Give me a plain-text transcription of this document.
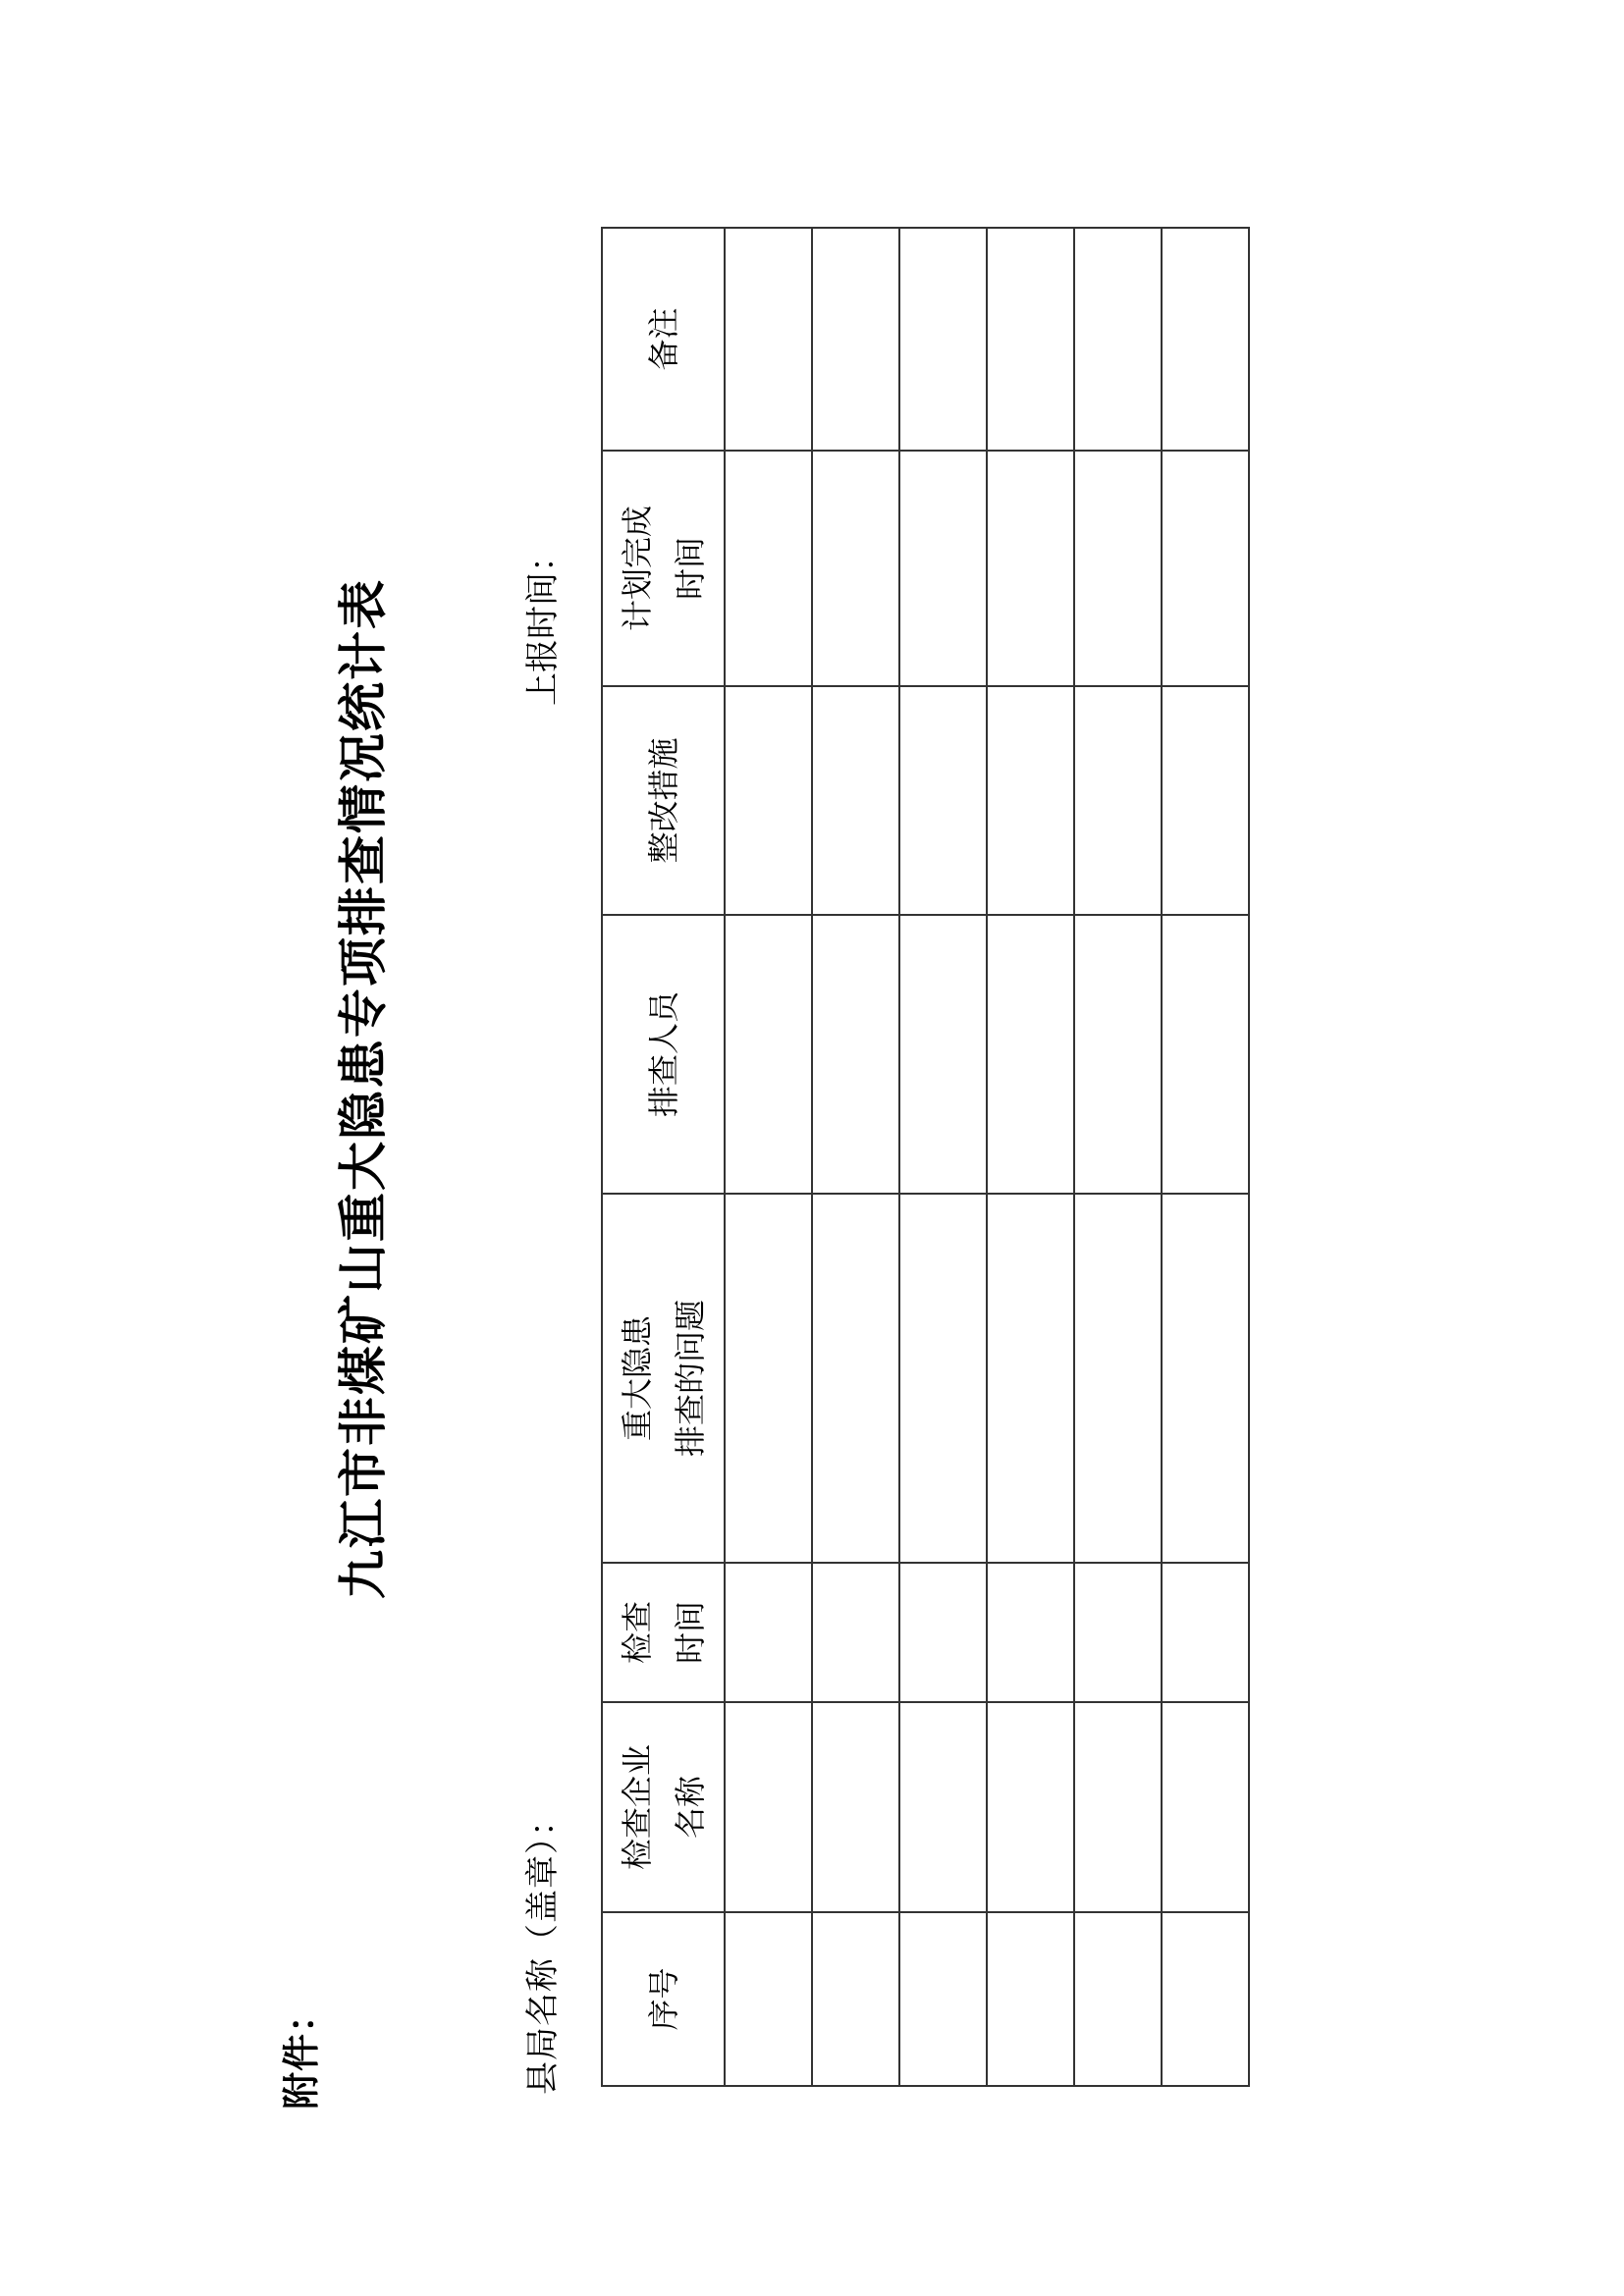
附件：
九江市非煤矿山重大隐患专项排查情况统计表
县局名称（盖章）：
上报时间：
序号	检查企业 名称	检查 时间	重大隐患 排查的问题	排查人员	整改措施	计划完成 时间	备注
